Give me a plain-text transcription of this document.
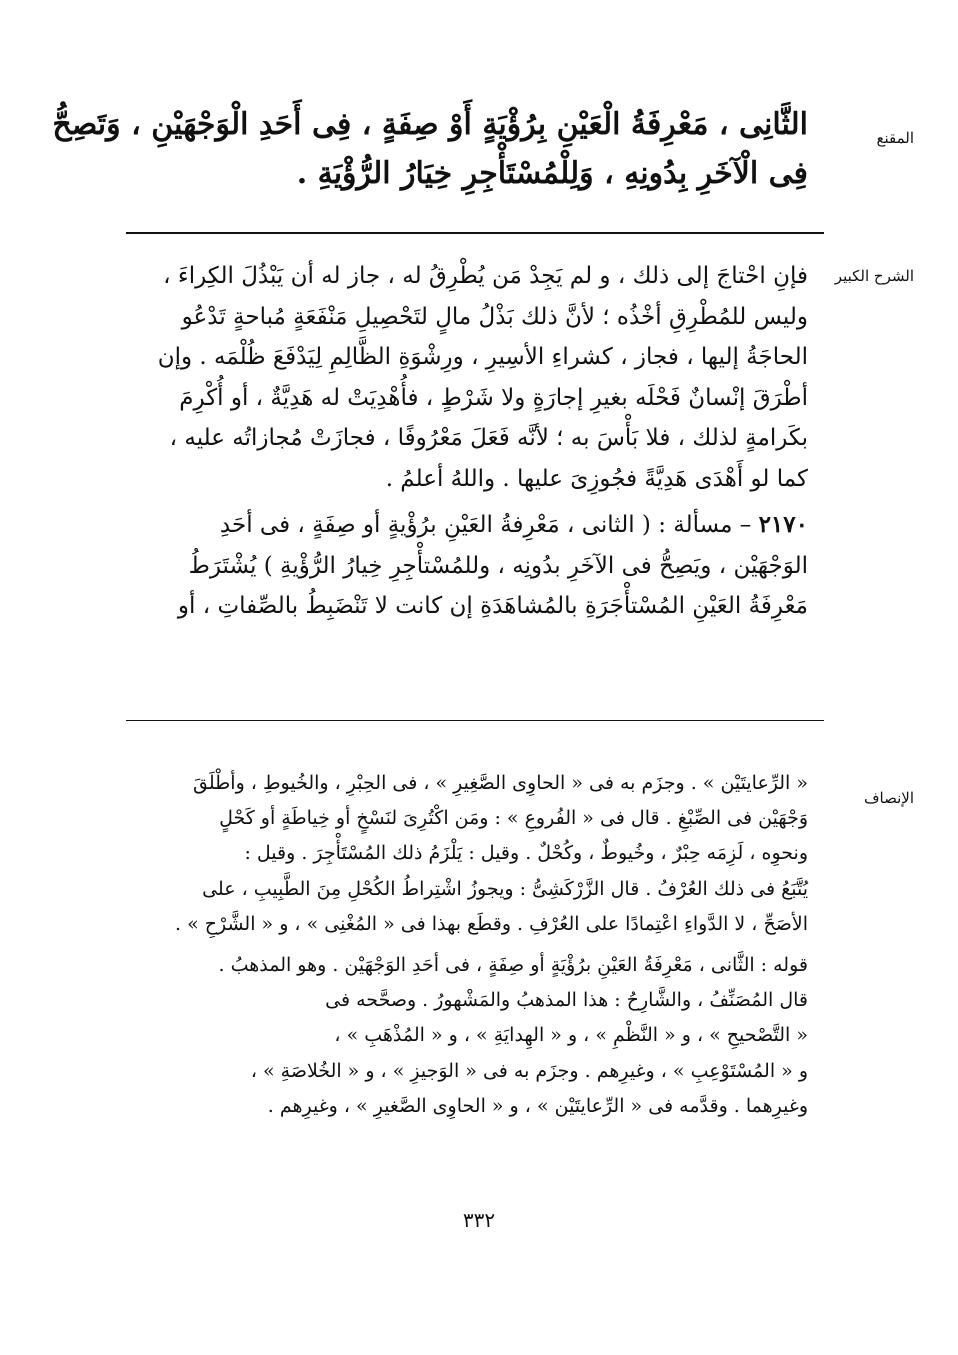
المقنع
الثَّانِى ، مَعْرِفَةُ الْعَيْنِ بِرُؤْيَةٍ أَوْ صِفَةٍ ، فِى أَحَدِ الْوَجْهَيْنِ ، وَتَصِحُّ
فِى الْآخَرِ بِدُونِهِ ، وَلِلْمُسْتَأْجِرِ خِيَارُ الرُّؤْيَةِ .
الشرح الكبير
فإنِ احْتاجَ إلى ذلك ، و لم يَجِدْ مَن يُطْرِقُ له ، جاز له أن يَبْذُلَ الكِراءَ ،
وليس للمُطْرِقِ أخْذُه ؛ لأنَّ ذلك بَذْلُ مالٍ لتَحْصِيلِ مَنْفَعَةٍ مُباحةٍ تَدْعُو
الحاجَةُ إليها ، فجاز ، كشراءِ الأسِيرِ ، ورِشْوَةِ الظَّالِمِ لِيَدْفَعَ ظُلْمَه . وإن
أطْرَقَ إنْسانٌ فَحْلَه بغيرِ إجارَةٍ ولا شَرْطٍ ، فأُهْدِيَتْ له هَدِيَّةٌ ، أو أُكْرِمَ
بكَرامةٍ لذلك ، فلا بَأْسَ به ؛ لأنَّه فَعَلَ مَعْرُوفًا ، فجازَتْ مُجازاتُه عليه ،
كما لو أَهْدَى هَدِيَّةً فجُوزِىَ عليها . واللهُ أعلمُ .
٢١٧٠ – مسألة : ( الثانى ، مَعْرِفةُ العَيْنِ برُؤْيةٍ أو صِفَةٍ ، فى أحَدِ
الوَجْهَيْن ، ويَصِحُّ فى الآخَرِ بدُونِه ، وللمُسْتأْجِرِ خِيارُ الرُّؤْيةِ ) يُشْتَرَطُ
مَعْرِفَةُ العَيْنِ المُسْتأْجَرَةِ بالمُشاهَدَةِ إن كانت لا تَنْضَبِطُ بالصِّفاتِ ، أو
الإنصاف
« الرِّعايتَيْن » . وجزَم به فى « الحاوِى الصَّغِيرِ » ، فى الحِبْرِ ، والخُيوطِ ، وأطْلَقَ
وَجْهَيْن فى الصِّبْغِ . قال فى « الفُروعِ » : ومَن اكْتُرِىَ لنَسْخٍ أو خِياطَةٍ أو كَحْلٍ
ونحوِه ، لَزِمَه حِبْرٌ ، وخُيوطٌ ، وكُحْلٌ . وقيل : يَلْزَمُ ذلك المُسْتَأْجِرَ . وقيل :
يُتَّبَعُ فى ذلك العُرْفُ . قال الزَّرْكَشِىُّ : ويجوزُ اشْتِراطُ الكُحْلِ مِنَ الطَّبِيبِ ، على
الأصَحِّ ، لا الدَّواءِ اعْتِمادًا على العُرْفِ . وقطَع بهذا فى « المُغْنِى » ، و « الشَّرْحِ » .
قوله : الثَّانى ، مَعْرِفَةُ العَيْنِ برُؤْيَةٍ أو صِفَةٍ ، فى أحَدِ الوَجْهَيْن . وهو المذهبُ .
قال المُصَنِّفُ ، والشَّارِحُ : هذا المذهبُ والمَشْهورُ . وصحَّحه فى
« التَّصْحيحِ » ، و « النَّظْمِ » ، و « الهِدايَةِ » ، و « المُذْهَبِ » ،
و « المُسْتَوْعِبِ » ، وغيرِهم . وجزَم به فى « الوَجيزِ » ، و « الخُلاصَةِ » ،
وغيرِهما . وقدَّمه فى « الرِّعايتَيْن » ، و « الحاوِى الصَّغيرِ » ، وغيرِهم .
٣٣٢
